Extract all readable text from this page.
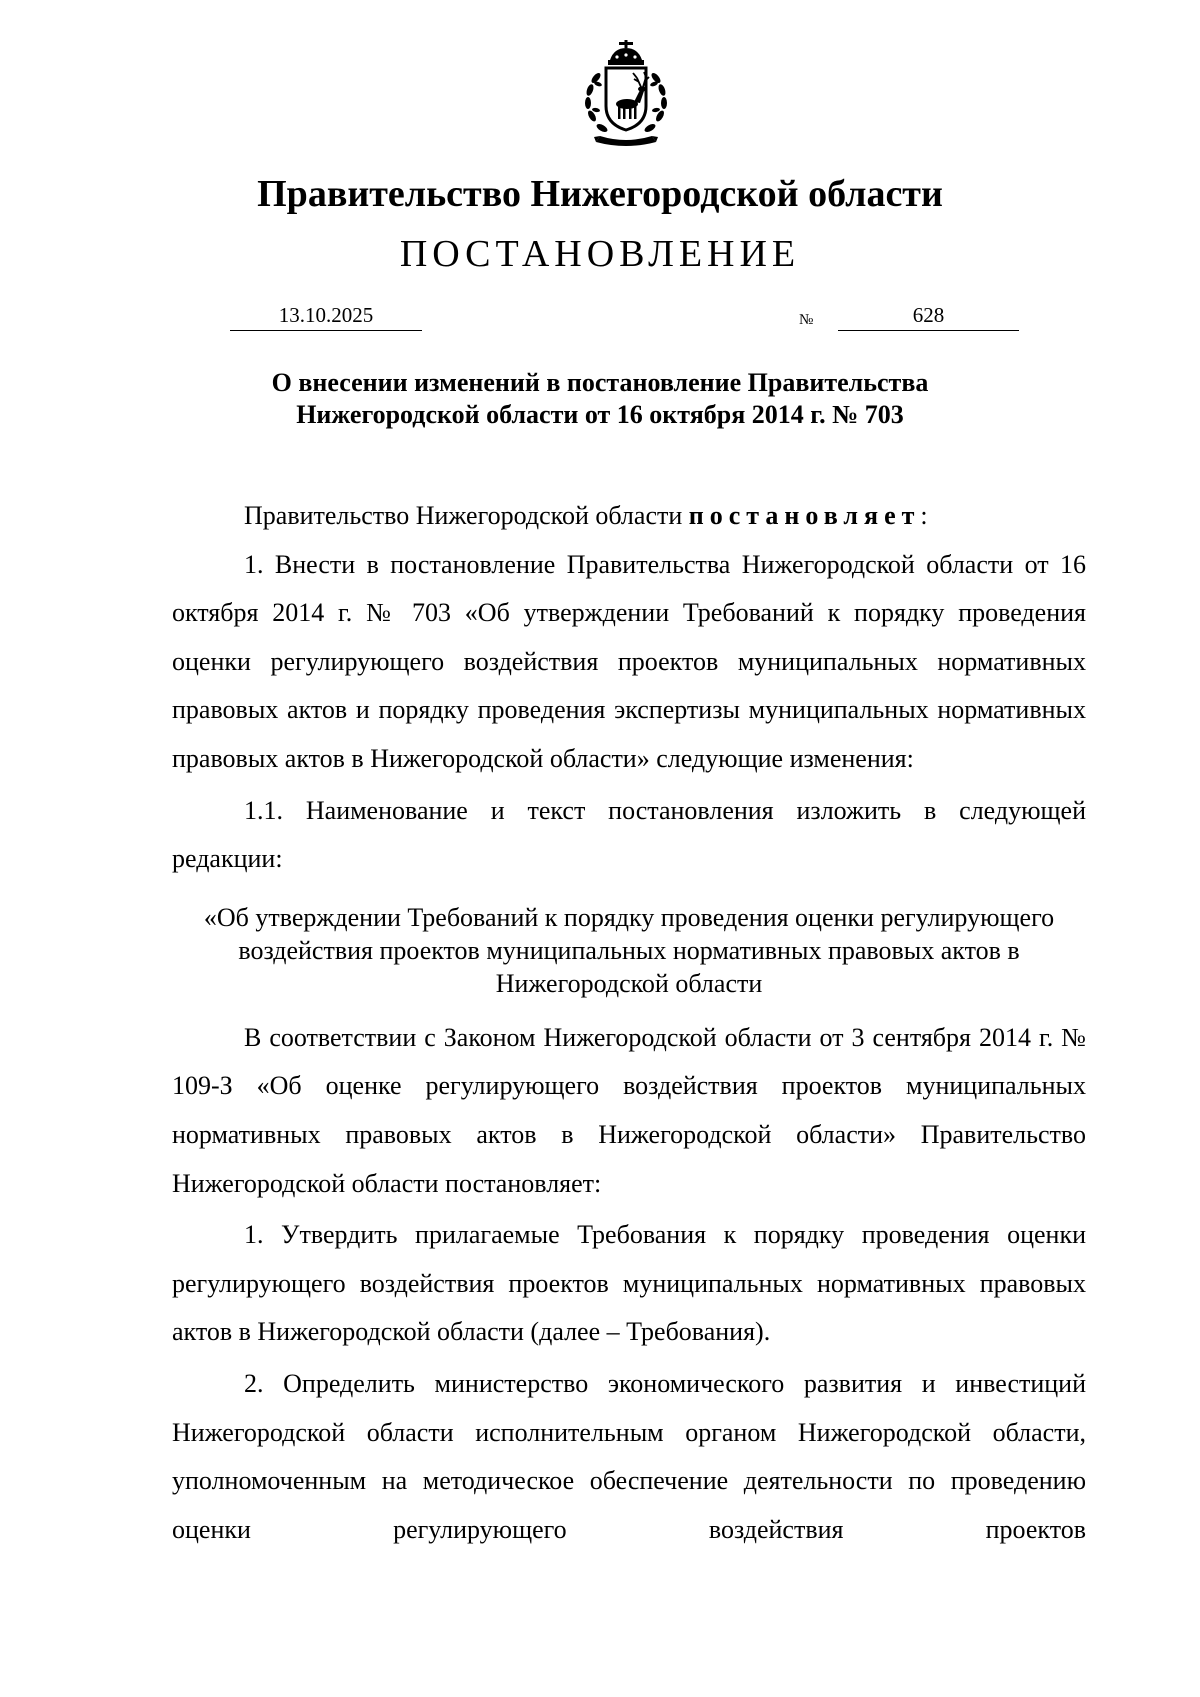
Правительство Нижегородской области
ПОСТАНОВЛЕНИЕ
13.10.2025	№	628
О внесении изменений в постановление Правительства
Нижегородской области от 16 октября 2014 г. № 703

Правительство Нижегородской области постановляет:

1. Внести в постановление Правительства Нижегородской области от 16 октября 2014 г. № 703 «Об утверждении Требований к порядку проведения оценки регулирующего воздействия проектов муниципальных нормативных правовых актов и порядку проведения экспертизы муниципальных нормативных правовых актов в Нижегородской области» следующие изменения:

1.1. Наименование и текст постановления изложить в следующей редакции:

«Об утверждении Требований к порядку проведения оценки регулирующего воздействия проектов муниципальных нормативных правовых актов в Нижегородской области

В соответствии с Законом Нижегородской области от 3 сентября 2014 г. № 109-З «Об оценке регулирующего воздействия проектов муниципальных нормативных правовых актов в Нижегородской области» Правительство Нижегородской области постановляет:

1. Утвердить прилагаемые Требования к порядку проведения оценки регулирующего воздействия проектов муниципальных нормативных правовых актов в Нижегородской области (далее – Требования).

2. Определить министерство экономического развития и инвестиций Нижегородской области исполнительным органом Нижегородской области, уполномоченным на методическое обеспечение деятельности по проведению оценки регулирующего воздействия проектов
